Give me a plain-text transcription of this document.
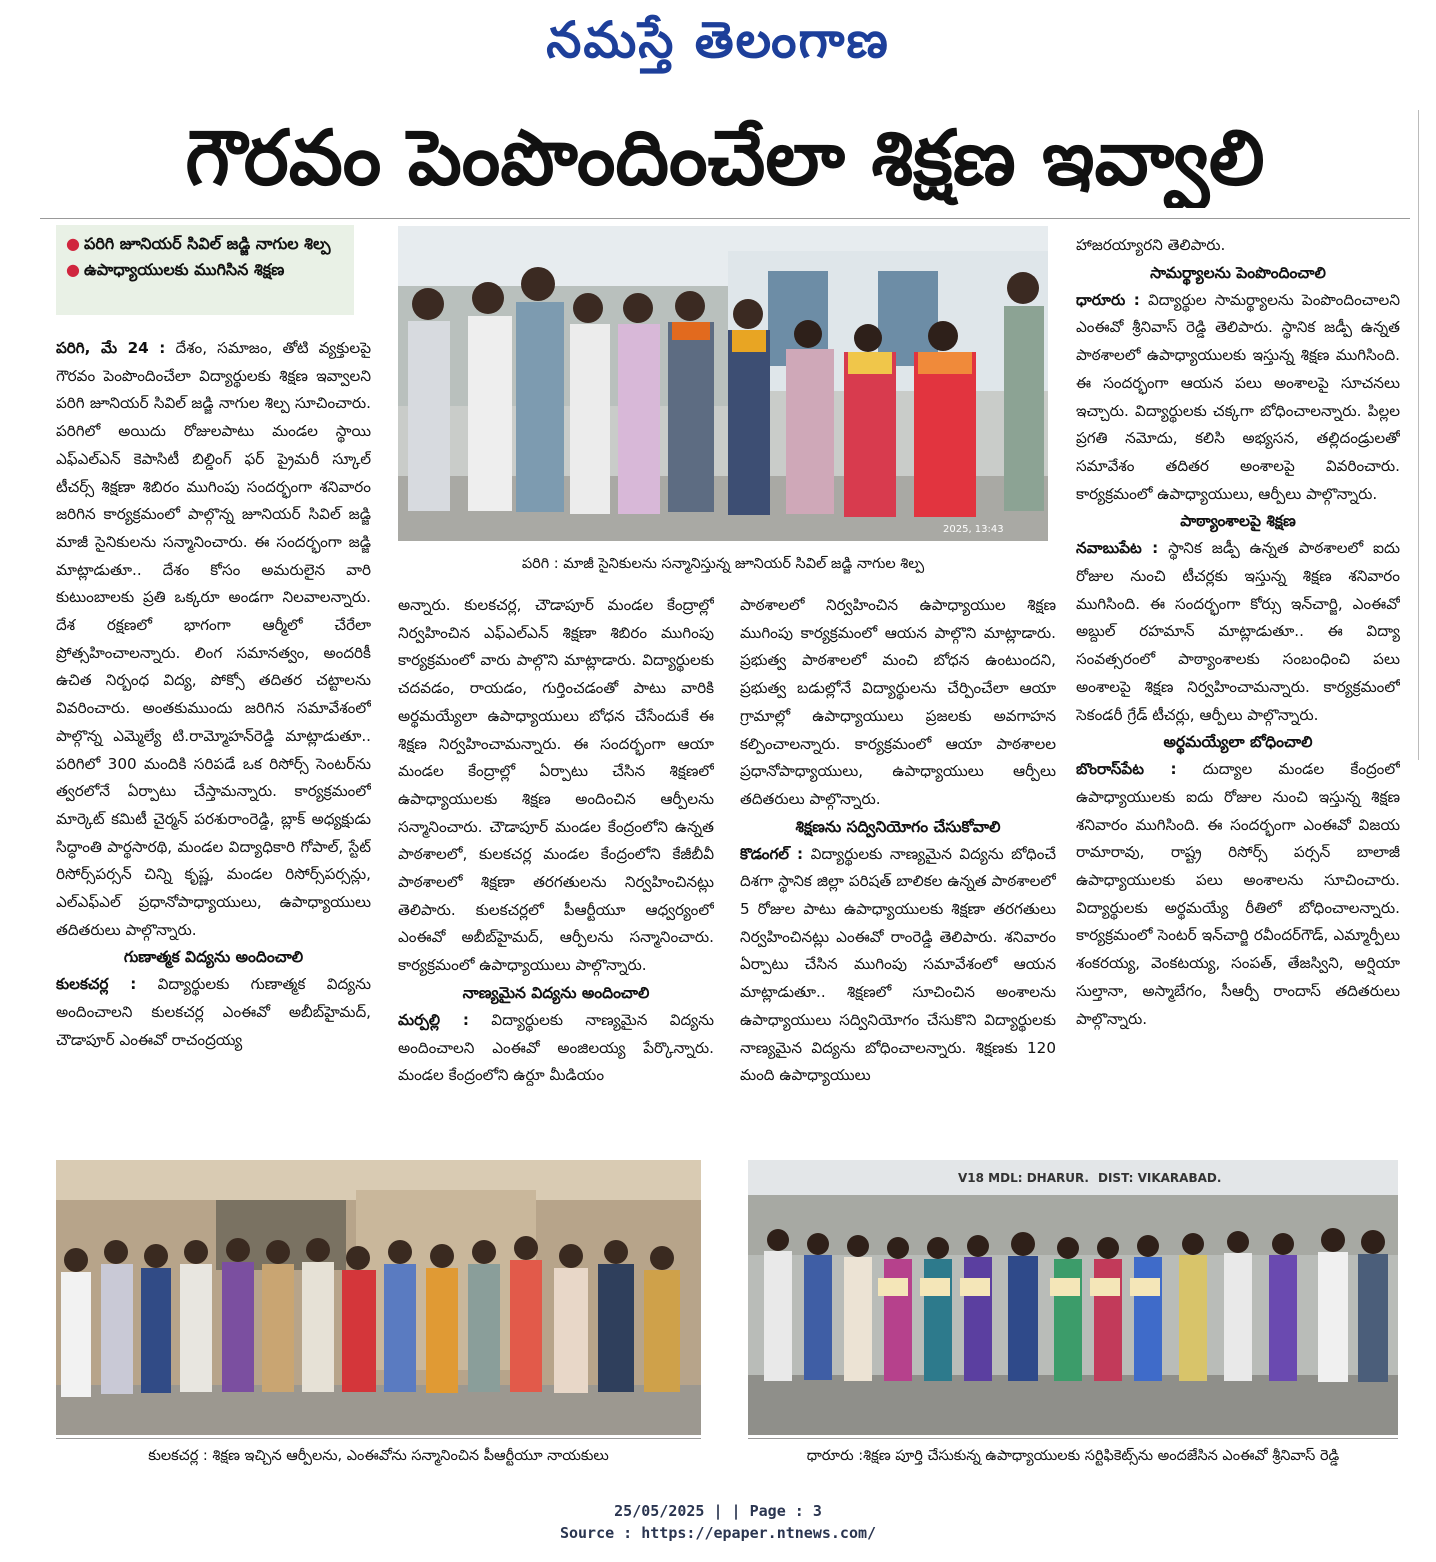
నమస్తే తెలంగాణ
గౌరవం పెంపొందించేలా శిక్షణ ఇవ్వాలి
● పరిగి జూనియర్ సివిల్ జడ్జి నాగుల శిల్ప
● ఉపాధ్యాయులకు ముగిసిన శిక్షణ
2025, 13:43
పరిగి : మాజీ సైనికులను సన్మానిస్తున్న జూనియర్ సివిల్ జడ్జి నాగుల శిల్ప

పరిగి, మే 24 : దేశం, సమాజం, తోటి వ్యక్తులపై గౌరవం పెంపొందించేలా విద్యార్థులకు శిక్షణ ఇవ్వాలని పరిగి జూనియర్ సివిల్ జడ్జి నాగుల శిల్ప సూచించారు. పరిగిలో అయిదు రోజులపాటు మండల స్థాయి ఎఫ్ఎల్ఎన్ కెపాసిటీ బిల్డింగ్ ఫర్ ప్రైమరీ స్కూల్ టీచర్స్ శిక్షణా శిబిరం ముగింపు సందర్భంగా శనివారం జరిగిన కార్యక్రమంలో పాల్గొన్న జూనియర్ సివిల్ జడ్జి మాజీ సైనికులను సన్మానించారు. ఈ సందర్భంగా జడ్జి మాట్లాడుతూ.. దేశం కోసం అమరులైన వారి కుటుంబాలకు ప్రతి ఒక్కరూ అండగా నిలవాలన్నారు. దేశ రక్షణలో భాగంగా ఆర్మీలో చేరేలా ప్రోత్సహించాలన్నారు. లింగ సమానత్వం, అందరికీ ఉచిత నిర్బంధ విద్య, పోక్సో తదితర చట్టాలను వివరించారు. అంతకుముందు జరిగిన సమావేశంలో పాల్గొన్న ఎమ్మెల్యే టి.రామ్మోహన్‌రెడ్డి మాట్లాడుతూ.. పరిగిలో 300 మందికి సరిపడే ఒక రిసోర్స్ సెంటర్‌ను త్వరలోనే ఏర్పాటు చేస్తామన్నారు. కార్యక్రమంలో మార్కెట్ కమిటీ చైర్మన్ పరశురాంరెడ్డి, బ్లాక్ అధ్యక్షుడు సిద్ధాంతి పార్థసారథి, మండల విద్యాధికారి గోపాల్, స్టేట్ రిసోర్స్‌పర్సన్ చిన్ని కృష్ణ, మండల రిసోర్స్‌పర్సన్లు, ఎల్ఎఫ్ఎల్ ప్రధానోపాధ్యాయులు, ఉపాధ్యాయులు తదితరులు పాల్గొన్నారు.

గుణాత్మక విద్యను అందించాలి

కులకచర్ల : విద్యార్థులకు గుణాత్మక విద్యను అందించాలని కులకచర్ల ఎంఈవో అబీబ్‌హైమద్, చౌడాపూర్ ఎంఈవో రాచంద్రయ్య

అన్నారు. కులకచర్ల, చౌడాపూర్ మండల కేంద్రాల్లో నిర్వహించిన ఎఫ్ఎల్ఎన్ శిక్షణా శిబిరం ముగింపు కార్యక్రమంలో వారు పాల్గొని మాట్లాడారు. విద్యార్థులకు చదవడం, రాయడం, గుర్తించడంతో పాటు వారికి అర్థమయ్యేలా ఉపాధ్యాయులు బోధన చేసేందుకే ఈ శిక్షణ నిర్వహించామన్నారు. ఈ సందర్భంగా ఆయా మండల కేంద్రాల్లో ఏర్పాటు చేసిన శిక్షణలో ఉపాధ్యాయులకు శిక్షణ అందించిన ఆర్పీలను సన్మానించారు. చౌడాపూర్ మండల కేంద్రంలోని ఉన్నత పాఠశాలలో, కులకచర్ల మండల కేంద్రంలోని కేజీబీవీ పాఠశాలలో శిక్షణా తరగతులను నిర్వహించినట్లు తెలిపారు. కులకచర్లలో పీఆర్టీయూ ఆధ్వర్యంలో ఎంఈవో అబీబ్‌హైమద్, ఆర్పీలను సన్మానించారు. కార్యక్రమంలో ఉపాధ్యాయులు పాల్గొన్నారు.

నాణ్యమైన విద్యను అందించాలి

మర్పల్లి : విద్యార్థులకు నాణ్యమైన విద్యను అందించాలని ఎంఈవో అంజిలయ్య పేర్కొన్నారు. మండల కేంద్రంలోని ఉర్దూ మీడియం

పాఠశాలలో నిర్వహించిన ఉపాధ్యాయుల శిక్షణ ముగింపు కార్యక్రమంలో ఆయన పాల్గొని మాట్లాడారు. ప్రభుత్వ పాఠశాలలో మంచి బోధన ఉంటుందని, ప్రభుత్వ బడుల్లోనే విద్యార్థులను చేర్పించేలా ఆయా గ్రామాల్లో ఉపాధ్యాయులు ప్రజలకు అవగాహన కల్పించాలన్నారు. కార్యక్రమంలో ఆయా పాఠశాలల ప్రధానోపాధ్యాయులు, ఉపాధ్యాయులు ఆర్పీలు తదితరులు పాల్గొన్నారు.

శిక్షణను సద్వినియోగం చేసుకోవాలి

కొడంగల్ : విద్యార్థులకు నాణ్యమైన విద్యను బోధించే దిశగా స్థానిక జిల్లా పరిషత్ బాలికల ఉన్నత పాఠశాలలో 5 రోజుల పాటు ఉపాధ్యాయులకు శిక్షణా తరగతులు నిర్వహించినట్లు ఎంఈవో రాంరెడ్డి తెలిపారు. శనివారం ఏర్పాటు చేసిన ముగింపు సమావేశంలో ఆయన మాట్లాడుతూ.. శిక్షణలో సూచించిన అంశాలను ఉపాధ్యాయులు సద్వినియోగం చేసుకొని విద్యార్థులకు నాణ్యమైన విద్యను బోధించాలన్నారు. శిక్షణకు 120 మంది ఉపాధ్యాయులు

హాజరయ్యారని తెలిపారు.

సామర్థ్యాలను పెంపొందించాలి

ధారూరు : విద్యార్థుల సామర్థ్యాలను పెంపొందించాలని ఎంఈవో శ్రీనివాస్ రెడ్డి తెలిపారు. స్థానిక జడ్పీ ఉన్నత పాఠశాలలో ఉపాధ్యాయులకు ఇస్తున్న శిక్షణ ముగిసింది. ఈ సందర్భంగా ఆయన పలు అంశాలపై సూచనలు ఇచ్చారు. విద్యార్థులకు చక్కగా బోధించాలన్నారు. పిల్లల ప్రగతి నమోదు, కలిసి అభ్యసన, తల్లిదండ్రులతో సమావేశం తదితర అంశాలపై వివరించారు. కార్యక్రమంలో ఉపాధ్యాయులు, ఆర్పీలు పాల్గొన్నారు.

పాఠ్యాంశాలపై శిక్షణ

నవాబుపేట : స్థానిక జడ్పీ ఉన్నత పాఠశాలలో ఐదు రోజుల నుంచి టీచర్లకు ఇస్తున్న శిక్షణ శనివారం ముగిసింది. ఈ సందర్భంగా కోర్సు ఇన్‌చార్జి, ఎంఈవో అబ్దుల్ రహమాన్ మాట్లాడుతూ.. ఈ విద్యా సంవత్సరంలో పాఠ్యాంశాలకు సంబంధించి పలు అంశాలపై శిక్షణ నిర్వహించామన్నారు. కార్యక్రమంలో సెకండరీ గ్రేడ్ టీచర్లు, ఆర్పీలు పాల్గొన్నారు.

అర్థమయ్యేలా బోధించాలి

బొంరాస్‌పేట : దుద్యాల మండల కేంద్రంలో ఉపాధ్యాయులకు ఐదు రోజుల నుంచి ఇస్తున్న శిక్షణ శనివారం ముగిసింది. ఈ సందర్భంగా ఎంఈవో విజయ రామారావు, రాష్ట్ర రిసోర్స్ పర్సన్ బాలాజీ ఉపాధ్యాయులకు పలు అంశాలను సూచించారు. విద్యార్థులకు అర్థమయ్యే రీతిలో బోధించాలన్నారు. కార్యక్రమంలో సెంటర్ ఇన్‌చార్జి రవీందర్‌గౌడ్, ఎమ్మార్పీలు శంకరయ్య, వెంకటయ్య, సంపత్, తేజస్విని, అర్షియా సుల్తానా, అస్మాబేగం, సీఆర్పీ రాందాస్ తదితరులు పాల్గొన్నారు.

కులకచర్ల : శిక్షణ ఇచ్చిన ఆర్పీలను, ఎంఈవోను సన్మానించిన పీఆర్టీయూ నాయకులు
V18 MDL: DHARUR. DIST: VIKARABAD.
ధారూరు :శిక్షణ పూర్తి చేసుకున్న ఉపాధ్యాయులకు సర్టిఫికెట్స్‌ను అందజేసిన ఎంఈవో శ్రీనివాస్ రెడ్డి
25/05/2025 | | Page : 3
Source : https://epaper.ntnews.com/
